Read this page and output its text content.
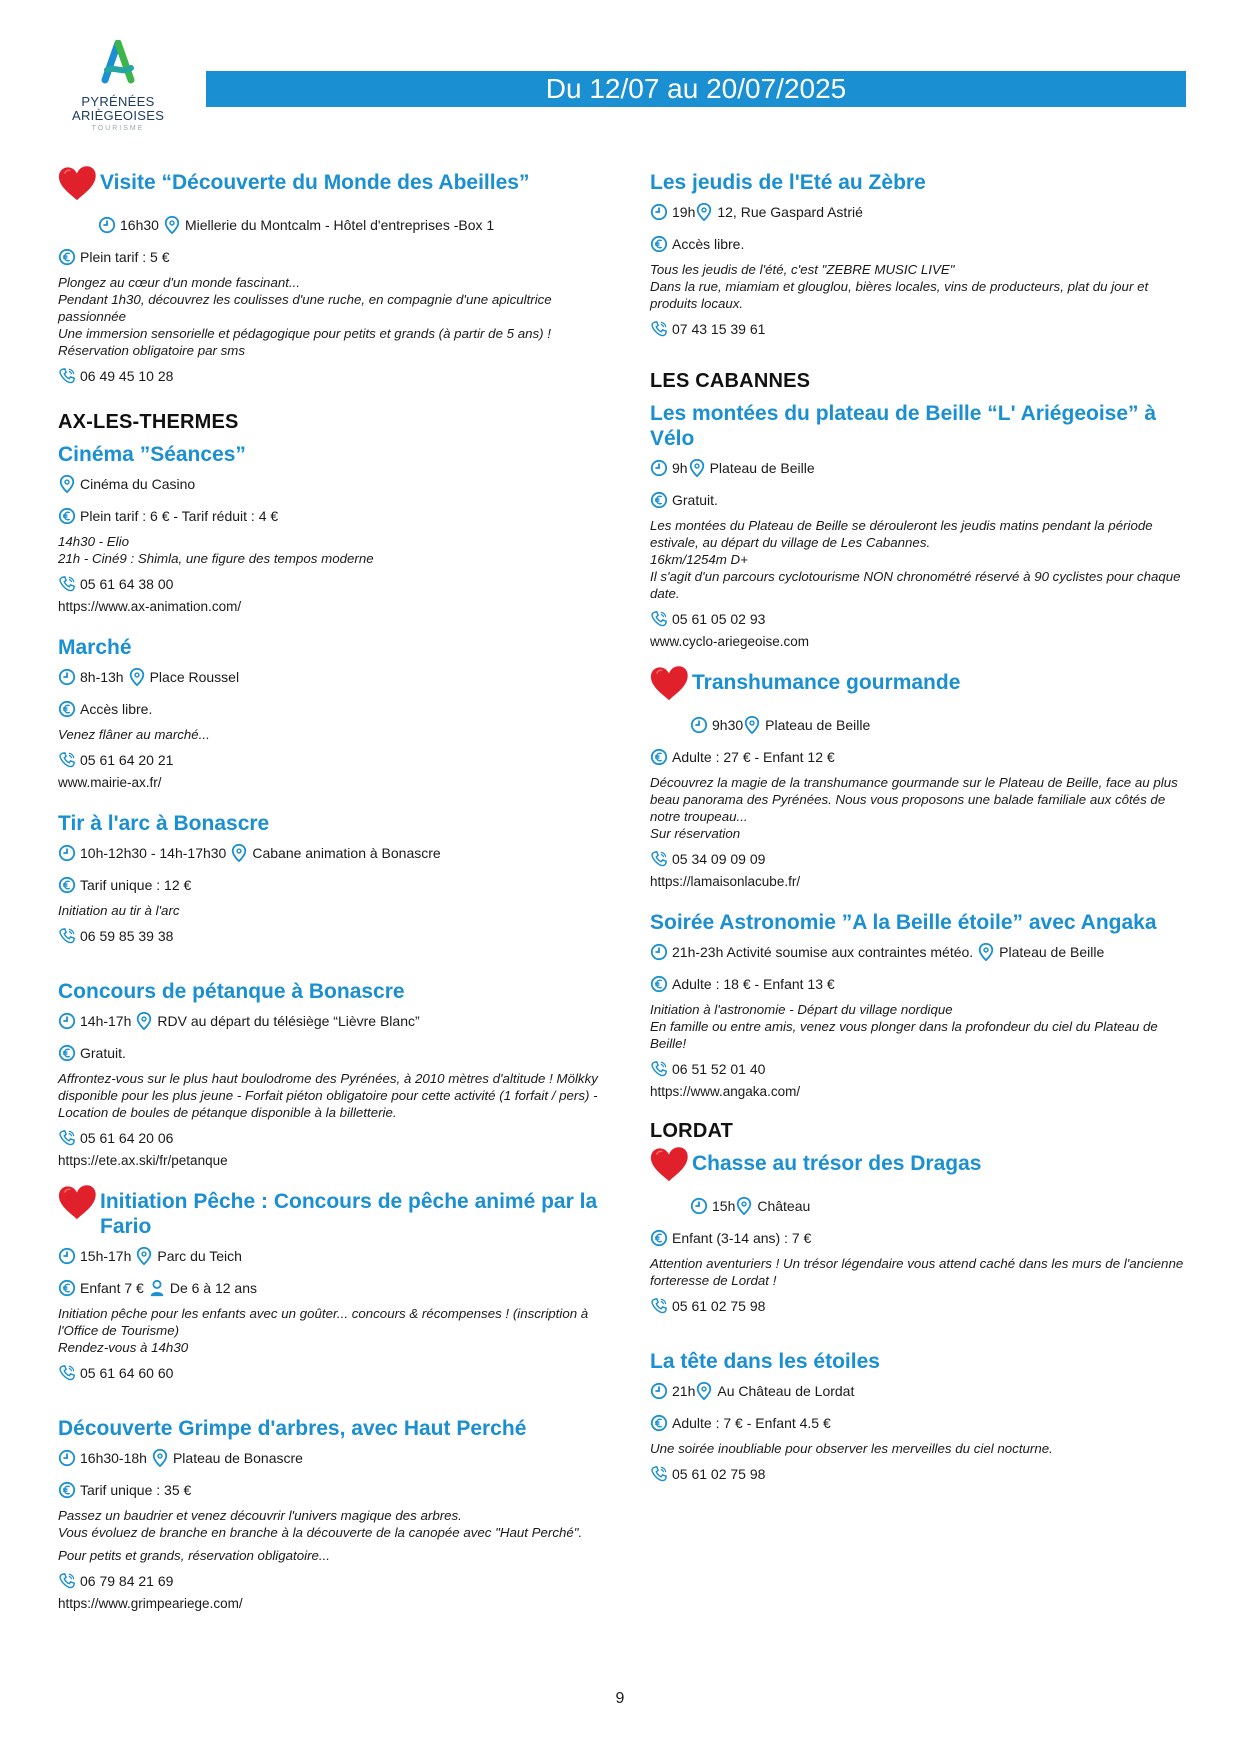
PYRÉNÉES
ARIÈGEOISES
TOURISME
Du 12/07 au 20/07/2025
Visite “Découverte du Monde des Abeilles”
16h30 Miellerie du Montcalm - Hôtel d'entreprises -Box 1
Plein tarif : 5 €

Plongez au cœur d'un monde fascinant...

Pendant 1h30, découvrez les coulisses d'une ruche, en compagnie d'une apicultrice passionnée

Une immersion sensorielle et pédagogique pour petits et grands (à partir de 5 ans) !

Réservation obligatoire par sms

06 49 45 10 28
AX-LES-THERMES
Cinéma ”Séances”
Cinéma du Casino
Plein tarif : 6 € - Tarif réduit : 4 €

14h30 - Elio

21h - Ciné9 : Shimla, une figure des tempos moderne

05 61 64 38 00
https://www.ax-animation.com/
Marché
8h-13h Place Roussel
Accès libre.

Venez flâner au marché...

05 61 64 20 21
www.mairie-ax.fr/
Tir à l'arc à Bonascre
10h-12h30 - 14h-17h30 Cabane animation à Bonascre
Tarif unique : 12 €

Initiation au tir à l'arc

06 59 85 39 38
Concours de pétanque à Bonascre
14h-17h RDV au départ du télésiège “Lièvre Blanc”
Gratuit.

Affrontez-vous sur le plus haut boulodrome des Pyrénées, à 2010 mètres d'altitude ! Mölkky disponible pour les plus jeune - Forfait piéton obligatoire pour cette activité (1 forfait / pers) - Location de boules de pétanque disponible à la billetterie.

05 61 64 20 06
https://ete.ax.ski/fr/petanque
Initiation Pêche : Concours de pêche animé par la Fario
15h-17h Parc du Teich
Enfant 7 € De 6 à 12 ans

Initiation pêche pour les enfants avec un goûter... concours & récompenses ! (inscription à l'Office de Tourisme)

Rendez-vous à 14h30

05 61 64 60 60
Découverte Grimpe d'arbres, avec Haut Perché
16h30-18h Plateau de Bonascre
Tarif unique : 35 €

Passez un baudrier et venez découvrir l'univers magique des arbres.

Vous évoluez de branche en branche à la découverte de la canopée avec "Haut Perché".

Pour petits et grands, réservation obligatoire...
06 79 84 21 69
https://www.grimpeariege.com/
Les jeudis de l'Eté au Zèbre
19h 12, Rue Gaspard Astrié
Accès libre.

Tous les jeudis de l'été, c'est "ZEBRE MUSIC LIVE"

Dans la rue, miamiam et glouglou, bières locales, vins de producteurs, plat du jour et produits locaux.

07 43 15 39 61
LES CABANNES
Les montées du plateau de Beille “L' Ariégeoise” à Vélo
9h Plateau de Beille
Gratuit.

Les montées du Plateau de Beille se dérouleront les jeudis matins pendant la période estivale, au départ du village de Les Cabannes.

16km/1254m D+

Il s'agit d'un parcours cyclotourisme NON chronométré réservé à 90 cyclistes pour chaque date.

05 61 05 02 93
www.cyclo-ariegeoise.com
Transhumance gourmande
9h30 Plateau de Beille
Adulte : 27 € - Enfant 12 €

Découvrez la magie de la transhumance gourmande sur le Plateau de Beille, face au plus beau panorama des Pyrénées. Nous vous proposons une balade familiale aux côtés de notre troupeau...

Sur réservation

05 34 09 09 09
https://lamaisonlacube.fr/
Soirée Astronomie ”A la Beille étoile” avec Angaka
21h-23h Activité soumise aux contraintes météo. Plateau de Beille
Adulte : 18 € - Enfant 13 €

Initiation à l'astronomie - Départ du village nordique

En famille ou entre amis, venez vous plonger dans la profondeur du ciel du Plateau de Beille!

06 51 52 01 40
https://www.angaka.com/
LORDAT
Chasse au trésor des Dragas
15h Château
Enfant (3-14 ans) : 7 €

Attention aventuriers ! Un trésor légendaire vous attend caché dans les murs de l'ancienne forteresse de Lordat !

05 61 02 75 98
La tête dans les étoiles
21h Au Château de Lordat
Adulte : 7 € - Enfant 4.5 €

Une soirée inoubliable pour observer les merveilles du ciel nocturne.

05 61 02 75 98
9
